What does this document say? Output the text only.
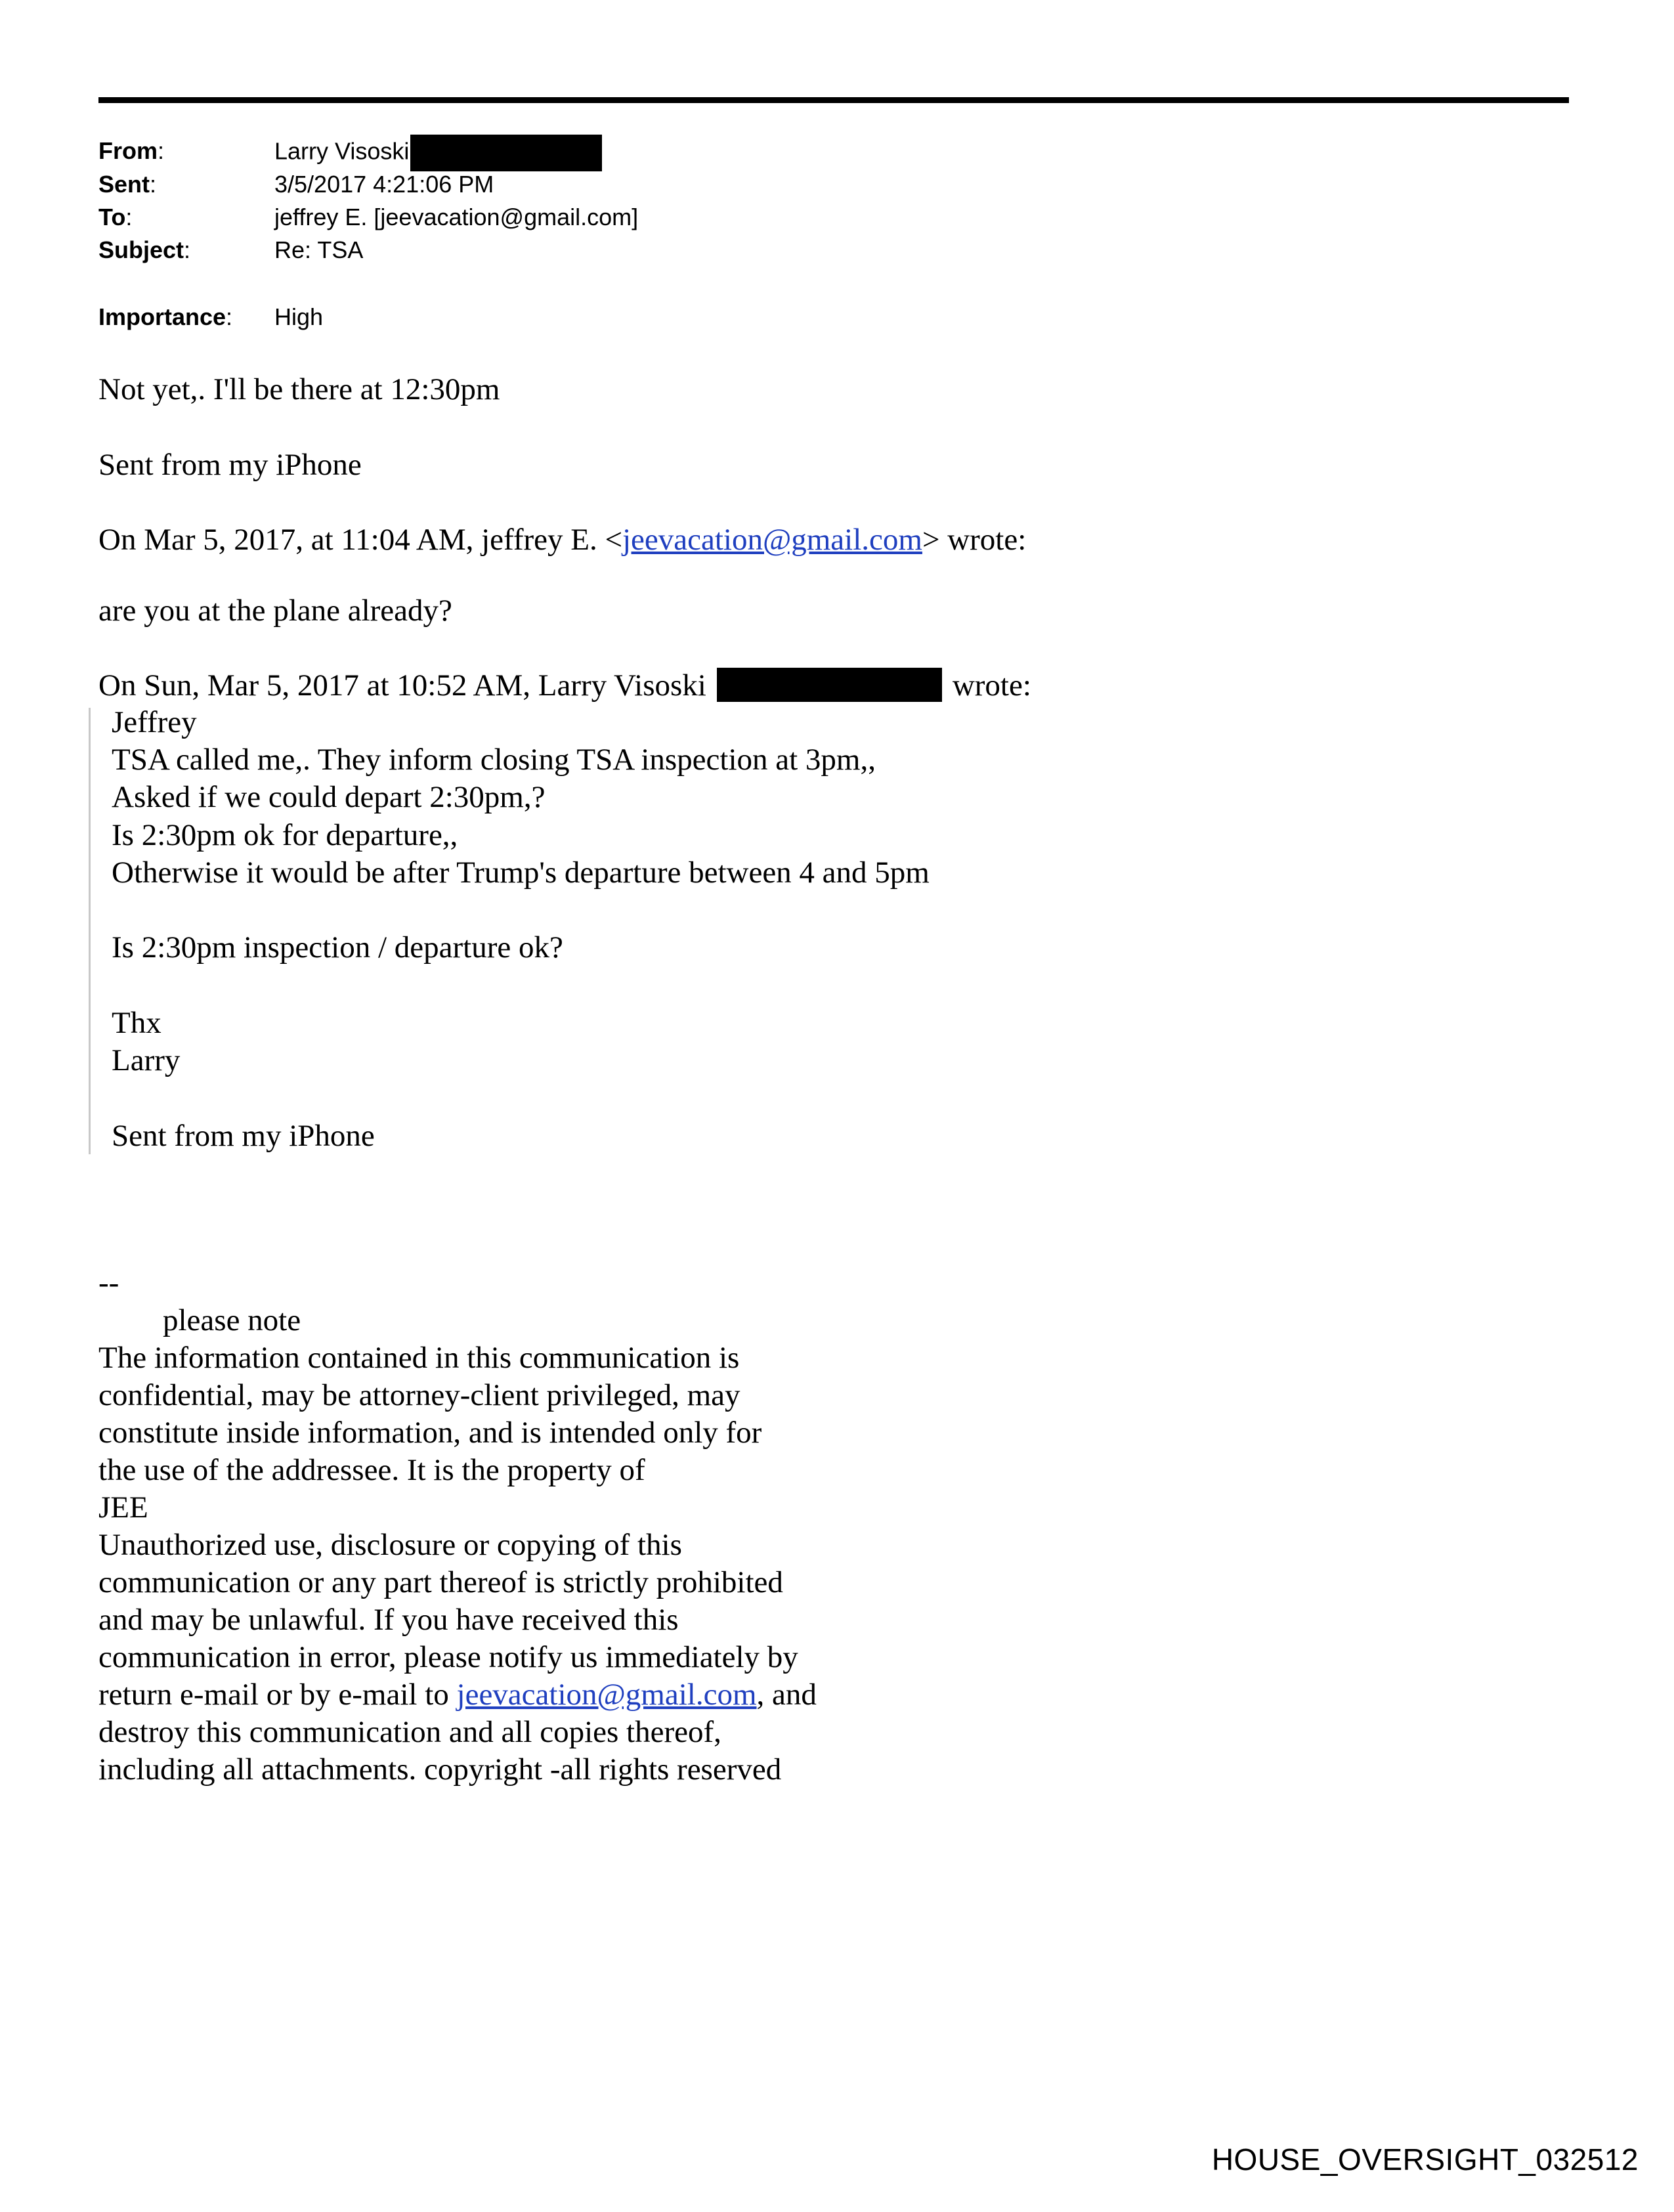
From:	Larry Visoski
Sent:	3/5/2017 4:21:06 PM
To:	jeffrey E. [jeevacation@gmail.com]
Subject:	Re: TSA
Importance: High
Not yet,. I'll be there at 12:30pm
Sent from my iPhone
On Mar 5, 2017, at 11:04 AM, jeffrey E. <jeevacation@gmail.com> wrote:
are you at the plane already?
On Sun, Mar 5, 2017 at 10:52 AM, Larry Visoski	wrote:
Jeffrey
TSA called me,. They inform closing TSA inspection at 3pm,,
Asked if we could depart 2:30pm,?
Is 2:30pm ok for departure,,
Otherwise it would be after Trump's departure between 4 and 5pm
Is 2:30pm inspection / departure ok?
Thx
Larry
Sent from my iPhone
--
please note
The information contained in this communication is
confidential, may be attorney-client privileged, may
constitute inside information, and is intended only for
the use of the addressee. It is the property of
JEE
Unauthorized use, disclosure or copying of this
communication or any part thereof is strictly prohibited
and may be unlawful. If you have received this
communication in error, please notify us immediately by
return e-mail or by e-mail to jeevacation@gmail.com, and
destroy this communication and all copies thereof,
including all attachments. copyright -all rights reserved
HOUSE_OVERSIGHT_032512
